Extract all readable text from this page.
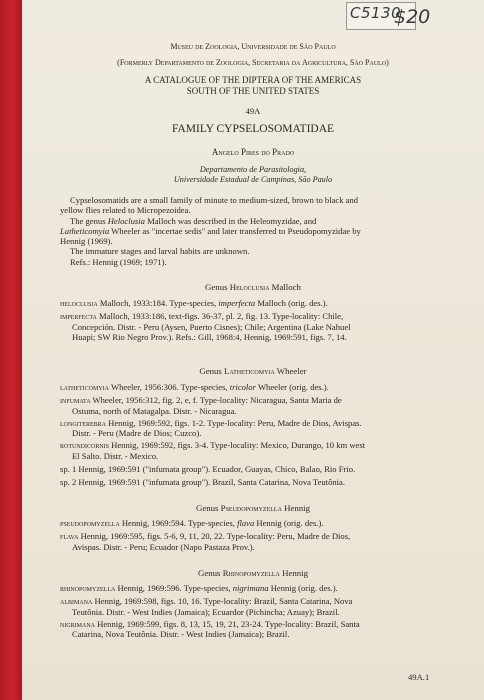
C5130
$20
Museu de Zoologia, Universidade de São Paulo
(Formerly Departamento de Zoologia, Secretaria da Agricultura, São Paulo)
A CATALOGUE OF THE DIPTERA OF THE AMERICAS
SOUTH OF THE UNITED STATES
49A
FAMILY CYPSELOSOMATIDAE
Angelo Pires do Prado
Departamento de Parasitologia,
Universidade Estadual de Campinas, São Paulo
Cypselosomatids are a small family of minute to medium-sized, brown to black and
yellow flies related to Micropezoidea.
The genus Heloclusia Malloch was described in the Heleomyzidae, and
Latheticomyia Wheeler as "incertae sedis" and later transferred to Pseudopomyzidae by
Hennig (1969).
The immature stages and larval habits are unknown.
Refs.: Hennig (1969; 1971).
Genus Heloclusia Malloch
heloclusia Malloch, 1933:184. Type-species, imperfecta Malloch (orig. des.).
imperfecta Malloch, 1933:186, text-figs. 36-37, pl. 2, fig. 13. Type-locality: Chile,
Concepción. Distr. - Peru (Aysen, Puerto Cisnes); Chile; Argentina (Lake Nahuel
Huapi; SW Rio Negro Prov.). Refs.: Gill, 1968:4, Hennig, 1969:591, figs. 7, 14.
Genus Latheticomyia Wheeler
latheticomyia Wheeler, 1956:306. Type-species, tricolor Wheeler (orig. des.).
infumata Wheeler, 1956:312, fig. 2, e, f. Type-locality: Nicaragua, Santa Maria de
Ostuma, north of Matagalpa. Distr. - Nicaragua.
longiterebra Hennig, 1969:592, figs. 1-2. Type-locality: Peru, Madre de Dios, Avispas.
Distr. - Peru (Madre de Dios; Cuzco).
rotundicornis Hennig, 1969:592, figs. 3-4. Type-locality: Mexico, Durango, 10 km west
El Salto. Distr. - Mexico.
sp. 1 Hennig, 1969:591 ("infumata group"). Ecuador, Guayas, Chico, Balao, Rio Frio.
sp. 2 Hennig, 1969:591 ("infumata group"). Brazil, Santa Catarina, Nova Teutônia.
Genus Pseudopomyzella Hennig
pseudopomyzella Hennig, 1969:594. Type-species, flava Hennig (orig. des.).
flava Hennig, 1969:595, figs. 5-6, 9, 11, 20, 22. Type-locality: Peru, Madre de Dios,
Avispas. Distr. - Peru; Ecuador (Napo Pastaza Prov.).
Genus Rhinopomyzella Hennig
rhinopomyzella Hennig, 1969:596. Type-species, nigrimana Hennig (orig. des.).
albimana Hennig, 1969:598, figs. 10, 16. Type-locality: Brazil, Santa Catarina, Nova
Teutônia. Distr. - West Indies (Jamaica); Ecuardor (Pichincha; Azuay); Brazil.
nigrimana Hennig, 1969:599, figs. 8, 13, 15, 19, 21, 23-24. Type-locality: Brazil, Santa
Catarina, Nova Teutônia. Distr. - West Indies (Jamaica); Brazil.
49A.1
